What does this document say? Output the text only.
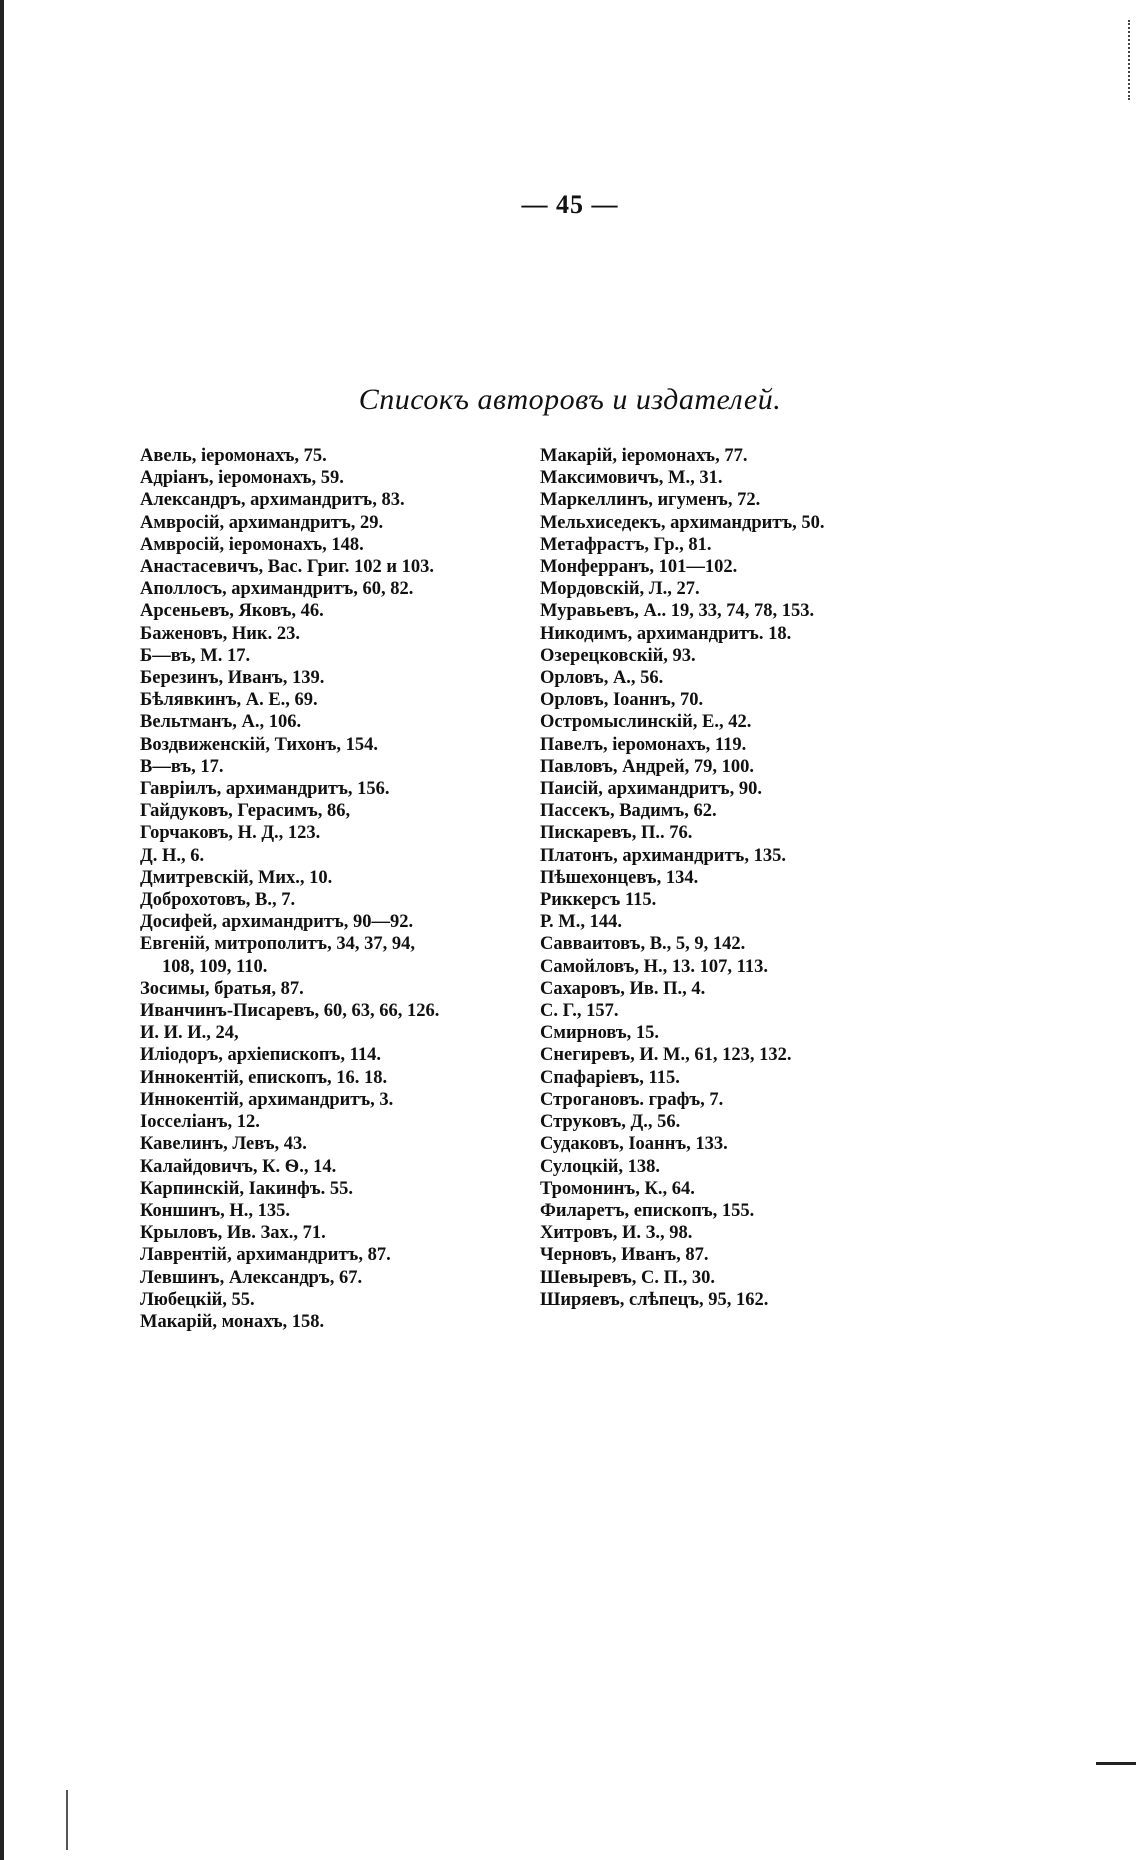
— 45 —
Списокъ авторовъ и издателей.
Авель, іеромонахъ, 75.
Адріанъ, іеромонахъ, 59.
Александръ, архимандритъ, 83.
Амвросій, архимандритъ, 29.
Амвросій, іеромонахъ, 148.
Анастасевичъ, Вас. Григ. 102 и 103.
Аполлосъ, архимандритъ, 60, 82.
Арсеньевъ, Яковъ, 46.
Баженовъ, Ник. 23.
Б—въ, М. 17.
Березинъ, Иванъ, 139.
Бѣлявкинъ, А. Е., 69.
Вельтманъ, А., 106.
Воздвиженскій, Тихонъ, 154.
В—въ, 17.
Гавріилъ, архимандритъ, 156.
Гайдуковъ, Герасимъ, 86,
Горчаковъ, Н. Д., 123.
Д. Н., 6.
Дмитревскій, Мих., 10.
Доброхотовъ, В., 7.
Досифей, архимандритъ, 90—92.
Евгеній, митрополитъ, 34, 37, 94,
108, 109, 110.
Зосимы, братья, 87.
Иванчинъ-Писаревъ, 60, 63, 66, 126.
И. И. И., 24,
Иліодоръ, архіепископъ, 114.
Иннокентій, епископъ, 16. 18.
Иннокентій, архимандритъ, 3.
Іосселіанъ, 12.
Кавелинъ, Левъ, 43.
Калайдовичъ, К. Ѳ., 14.
Карпинскій, Іакинфъ. 55.
Коншинъ, Н., 135.
Крыловъ, Ив. Зах., 71.
Лаврентій, архимандритъ, 87.
Левшинъ, Александръ, 67.
Любецкій, 55.
Макарій, монахъ, 158.
Макарій, іеромонахъ, 77.
Максимовичъ, М., 31.
Маркеллинъ, игуменъ, 72.
Мельхиседекъ, архимандритъ, 50.
Метафрастъ, Гр., 81.
Монферранъ, 101—102.
Мордовскій, Л., 27.
Муравьевъ, А.. 19, 33, 74, 78, 153.
Никодимъ, архимандритъ. 18.
Озерецковскій, 93.
Орловъ, А., 56.
Орловъ, Іоаннъ, 70.
Остромыслинскій, Е., 42.
Павелъ, іеромонахъ, 119.
Павловъ, Андрей, 79, 100.
Паисій, архимандритъ, 90.
Пассекъ, Вадимъ, 62.
Пискаревъ, П.. 76.
Платонъ, архимандритъ, 135.
Пѣшехонцевъ, 134.
Риккерсъ 115.
Р. М., 144.
Савваитовъ, В., 5, 9, 142.
Самойловъ, Н., 13. 107, 113.
Сахаровъ, Ив. П., 4.
С. Г., 157.
Смирновъ, 15.
Снегиревъ, И. М., 61, 123, 132.
Спафаріевъ, 115.
Строгановъ. графъ, 7.
Струковъ, Д., 56.
Судаковъ, Іоаннъ, 133.
Сулоцкій, 138.
Тромонинъ, К., 64.
Филаретъ, епископъ, 155.
Хитровъ, И. З., 98.
Черновъ, Иванъ, 87.
Шевыревъ, С. П., 30.
Ширяевъ, слѣпецъ, 95, 162.
